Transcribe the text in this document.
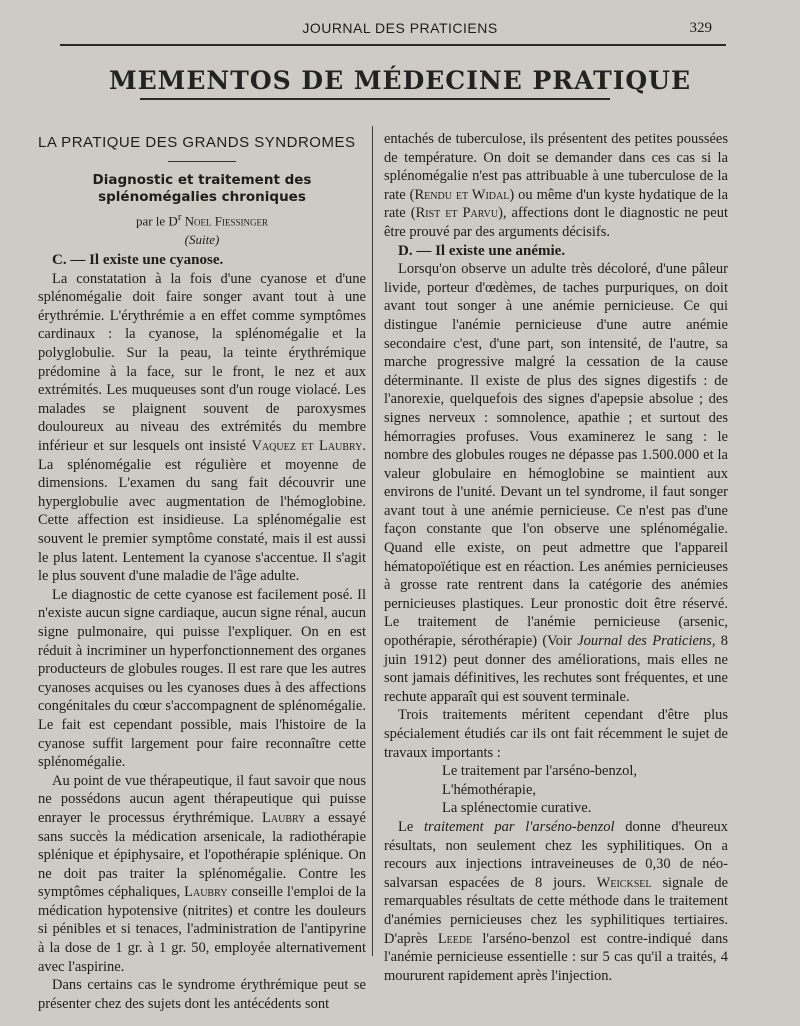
JOURNAL DES PRATICIENS	329
MEMENTOS DE MÉDECINE PRATIQUE
LA PRATIQUE DES GRANDS SYNDROMES
Diagnostic et traitement des splénomégalies chroniques
par le $D^r$ Noel Fiessinger
(Suite)

C. — Il existe une cyanose.

La constatation à la fois d'une cyanose et d'une splénomégalie doit faire songer avant tout à une érythrémie. L'érythrémie a en effet comme symptômes cardinaux : la cyanose, la splénomégalie et la polyglobulie. Sur la peau, la teinte érythrémique prédomine à la face, sur le front, le nez et aux extrémités. Les muqueuses sont d'un rouge violacé. Les malades se plaignent souvent de paroxysmes douloureux au niveau des extrémités du membre inférieur et sur lesquels ont insisté Vaquez et Laubry. La splénomégalie est régulière et moyenne de dimensions. L'examen du sang fait découvrir une hyperglobulie avec augmentation de l'hémoglobine. Cette affection est insidieuse. La splénomégalie est souvent le premier symptôme constaté, mais il est aussi le plus latent. Lentement la cyanose s'accentue. Il s'agit le plus souvent d'une maladie de l'âge adulte.

Le diagnostic de cette cyanose est facilement posé. Il n'existe aucun signe cardiaque, aucun signe rénal, aucun signe pulmonaire, qui puisse l'expliquer. On en est réduit à incriminer un hyperfonctionnement des organes producteurs de globules rouges. Il est rare que les autres cyanoses acquises ou les cyanoses dues à des affections congénitales du cœur s'accompagnent de splénomégalie. Le fait est cependant possible, mais l'histoire de la cyanose suffit largement pour faire reconnaître cette splénomégalie.

Au point de vue thérapeutique, il faut savoir que nous ne possédons aucun agent thérapeutique qui puisse enrayer le processus érythrémique. Laubry a essayé sans succès la médication arsenicale, la radiothérapie splénique et épiphysaire, et l'opothérapie splénique. On ne doit pas traiter la splénomégalie. Contre les symptômes céphaliques, Laubry conseille l'emploi de la médication hypotensive (nitrites) et contre les douleurs si pénibles et si tenaces, l'administration de l'antipyrine à la dose de 1 gr. à 1 gr. 50, employée alternativement avec l'aspirine.

Dans certains cas le syndrome érythrémique peut se présenter chez des sujets dont les antécédents sont

entachés de tuberculose, ils présentent des petites poussées de température. On doit se demander dans ces cas si la splénomégalie n'est pas attribuable à une tuberculose de la rate (Rendu et Widal) ou même d'un kyste hydatique de la rate (Rist et Parvu), affections dont le diagnostic ne peut être prouvé par des arguments décisifs.

D. — Il existe une anémie.

Lorsqu'on observe un adulte très décoloré, d'une pâleur livide, porteur d'œdèmes, de taches purpuriques, on doit avant tout songer à une anémie pernicieuse. Ce qui distingue l'anémie pernicieuse d'une autre anémie secondaire c'est, d'une part, son intensité, de l'autre, sa marche progressive malgré la cessation de la cause déterminante. Il existe de plus des signes digestifs : de l'anorexie, quelquefois des signes d'apepsie absolue ; des signes nerveux : somnolence, apathie ; et surtout des hémorragies profuses. Vous examinerez le sang : le nombre des globules rouges ne dépasse pas 1.500.000 et la valeur globulaire en hémoglobine se maintient aux environs de l'unité. Devant un tel syndrome, il faut songer avant tout à une anémie pernicieuse. Ce n'est pas d'une façon constante que l'on observe une splénomégalie. Quand elle existe, on peut admettre que l'appareil hématopoïétique est en réaction. Les anémies pernicieuses à grosse rate rentrent dans la catégorie des anémies pernicieuses plastiques. Leur pronostic doit être réservé. Le traitement de l'anémie pernicieuse (arsenic, opothérapie, sérothérapie) (Voir Journal des Praticiens, 8 juin 1912) peut donner des améliorations, mais elles ne sont jamais définitives, les rechutes sont fréquentes, et une rechute apparaît qui est souvent terminale.

Trois traitements méritent cependant d'être plus spécialement étudiés car ils ont fait récemment le sujet de travaux importants :

Le traitement par l'arséno-benzol,

L'hémothérapie,

La splénectomie curative.

Le traitement par l'arséno-benzol donne d'heureux résultats, non seulement chez les syphilitiques. On a recours aux injections intraveineuses de 0,30 de néo-salvarsan espacées de 8 jours. Weicksel signale de remarquables résultats de cette méthode dans le traitement d'anémies pernicieuses chez les syphilitiques tertiaires. D'après Leede l'arséno-benzol est contre-indiqué dans l'anémie pernicieuse essentielle : sur 5 cas qu'il a traités, 4 moururent rapidement après l'injection.
